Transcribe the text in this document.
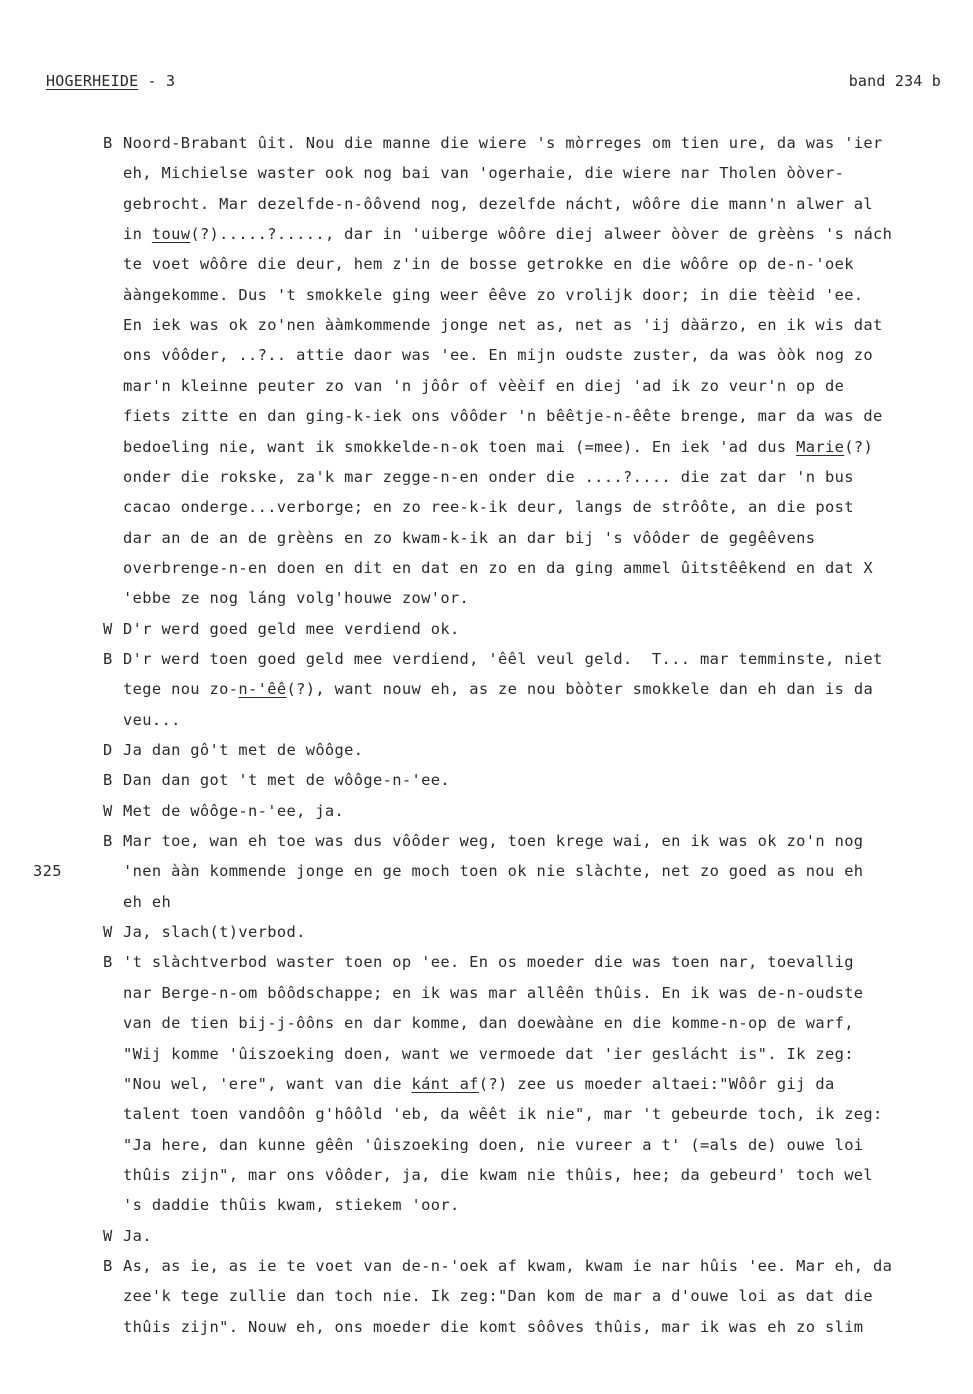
HOGERHEIDE - 3	band 234 b
B Noord-Brabant ûit. Nou die manne die wiere 's mòrreges om tien ure, da was 'ier
eh, Michielse waster ook nog bai van 'ogerhaie, die wiere nar Tholen òòver-
gebrocht. Mar dezelfde-n-ôôvend nog, dezelfde nácht, wôôre die mann'n alwer al
in touw(?).....?....., dar in 'uiberge wôôre diej alweer òòver de grèèns 's nách
te voet wôôre die deur, hem z'in de bosse getrokke en die wôôre op de-n-'oek
ààngekomme. Dus 't smokkele ging weer êêve zo vrolijk door; in die tèèid 'ee.
En iek was ok zo'nen ààmkommende jonge net as, net as 'ij dàärzo, en ik wis dat
ons vôôder, ..?.. attie daor was 'ee. En mijn oudste zuster, da was òòk nog zo
mar'n kleinne peuter zo van 'n jôôr of vèèif en diej 'ad ik zo veur'n op de
fiets zitte en dan ging-k-iek ons vôôder 'n bêêtje-n-êête brenge, mar da was de
bedoeling nie, want ik smokkelde-n-ok toen mai (=mee). En iek 'ad dus Marie(?)
onder die rokske, za'k mar zegge-n-en onder die ....?.... die zat dar 'n bus
cacao onderge...verborge; en zo ree-k-ik deur, langs de strôôte, an die post
dar an de an de grèèns en zo kwam-k-ik an dar bij 's vôôder de gegêêvens
overbrenge-n-en doen en dit en dat en zo en da ging ammel ûitstêêkend en dat X
'ebbe ze nog láng volg'houwe zow'or.
W D'r werd goed geld mee verdiend ok.
B D'r werd toen goed geld mee verdiend, 'êêl veul geld.  T... mar temminste, niet
tege nou zo-n-'êê(?), want nouw eh, as ze nou bòòter smokkele dan eh dan is da
veu...
D Ja dan gô't met de wôôge.
B Dan dan got 't met de wôôge-n-'ee.
W Met de wôôge-n-'ee, ja.
B Mar toe, wan eh toe was dus vôôder weg, toen krege wai, en ik was ok zo'n nog
325	'nen ààn kommende jonge en ge moch toen ok nie slàchte, net zo goed as nou eh
eh eh
W Ja, slach(t)verbod.
B 't slàchtverbod waster toen op 'ee. En os moeder die was toen nar, toevallig
nar Berge-n-om bôôdschappe; en ik was mar allêên thûis. En ik was de-n-oudste
van de tien bij-j-ôôns en dar komme, dan doewààne en die komme-n-op de warf,
"Wij komme 'ûiszoeking doen, want we vermoede dat 'ier geslácht is". Ik zeg:
"Nou wel, 'ere", want van die kánt af(?) zee us moeder altaei:"Wôôr gij da
talent toen vandôôn g'hôôld 'eb, da wêêt ik nie", mar 't gebeurde toch, ik zeg:
"Ja here, dan kunne gêên 'ûiszoeking doen, nie vureer a t' (=als de) ouwe loi
thûis zijn", mar ons vôôder, ja, die kwam nie thûis, hee; da gebeurd' toch wel
's daddie thûis kwam, stiekem 'oor.
W Ja.
B As, as ie, as ie te voet van de-n-'oek af kwam, kwam ie nar hûis 'ee. Mar eh, da
zee'k tege zullie dan toch nie. Ik zeg:"Dan kom de mar a d'ouwe loi as dat die
thûis zijn". Nouw eh, ons moeder die komt sôôves thûis, mar ik was eh zo slim
